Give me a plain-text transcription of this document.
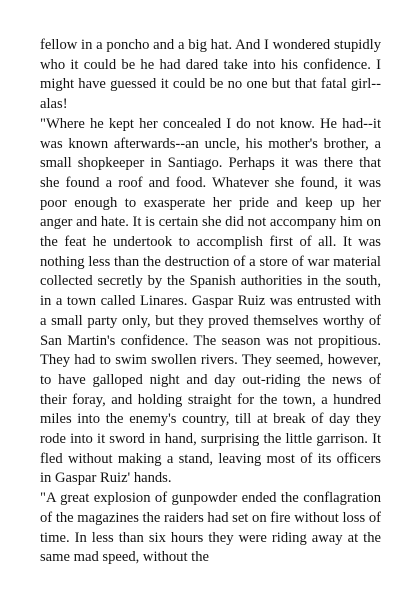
fellow in a poncho and a big hat. And I wondered stupidly who it could be he had dared take into his confidence. I might have guessed it could be no one but that fatal girl--alas!

"Where he kept her concealed I do not know. He had--it was known afterwards--an uncle, his mother's brother, a small shopkeeper in Santiago. Perhaps it was there that she found a roof and food. Whatever she found, it was poor enough to exasperate her pride and keep up her anger and hate. It is certain she did not accompany him on the feat he undertook to accomplish first of all. It was nothing less than the destruction of a store of war material collected secretly by the Spanish authorities in the south, in a town called Linares. Gaspar Ruiz was entrusted with a small party only, but they proved themselves worthy of San Martin's confidence. The season was not propitious. They had to swim swollen rivers. They seemed, however, to have galloped night and day out-riding the news of their foray, and holding straight for the town, a hundred miles into the enemy's country, till at break of day they rode into it sword in hand, surprising the little garrison. It fled without making a stand, leaving most of its officers in Gaspar Ruiz' hands.

"A great explosion of gunpowder ended the conflagration of the magazines the raiders had set on fire without loss of time. In less than six hours they were riding away at the same mad speed, without the
